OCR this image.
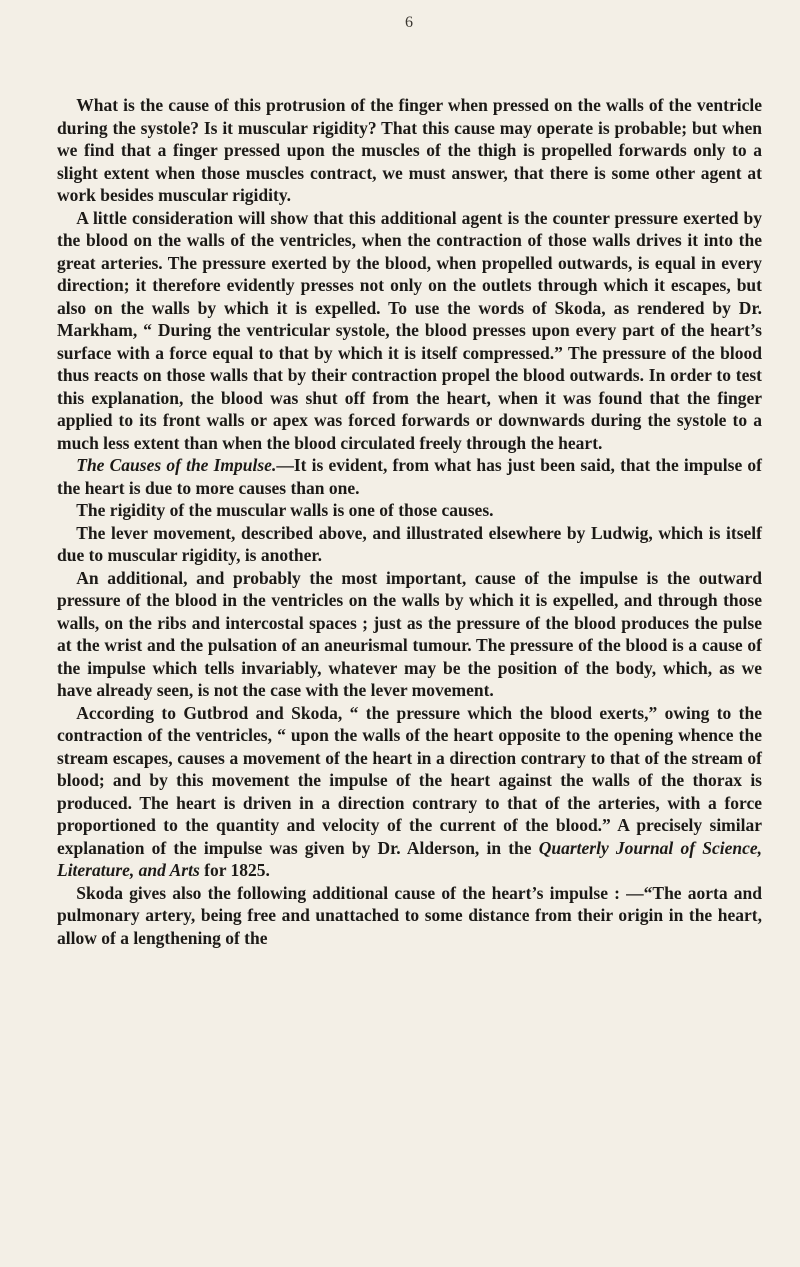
6

What is the cause of this protrusion of the finger when pressed on the walls of the ventricle during the systole? Is it muscular rigidity? That this cause may operate is probable; but when we find that a finger pressed upon the muscles of the thigh is propelled forwards only to a slight extent when those muscles contract, we must answer, that there is some other agent at work besides muscular rigidity.

A little consideration will show that this additional agent is the counter pressure exerted by the blood on the walls of the ventricles, when the contraction of those walls drives it into the great arteries. The pressure exerted by the blood, when propelled outwards, is equal in every direction; it therefore evidently presses not only on the outlets through which it escapes, but also on the walls by which it is expelled. To use the words of Skoda, as rendered by Dr. Markham, “ During the ventricular systole, the blood presses upon every part of the heart’s surface with a force equal to that by which it is itself compressed.” The pressure of the blood thus reacts on those walls that by their contraction propel the blood outwards. In order to test this explanation, the blood was shut off from the heart, when it was found that the finger applied to its front walls or apex was forced forwards or downwards during the systole to a much less extent than when the blood circulated freely through the heart.

The Causes of the Impulse.—It is evident, from what has just been said, that the impulse of the heart is due to more causes than one.

The rigidity of the muscular walls is one of those causes.

The lever movement, described above, and illustrated elsewhere by Ludwig, which is itself due to muscular rigidity, is another.

An additional, and probably the most important, cause of the impulse is the outward pressure of the blood in the ventricles on the walls by which it is expelled, and through those walls, on the ribs and intercostal spaces ; just as the pressure of the blood produces the pulse at the wrist and the pulsation of an aneurismal tumour. The pressure of the blood is a cause of the impulse which tells invariably, whatever may be the position of the body, which, as we have already seen, is not the case with the lever movement.

According to Gutbrod and Skoda, “ the pressure which the blood exerts,” owing to the contraction of the ventricles, “ upon the walls of the heart opposite to the opening whence the stream escapes, causes a movement of the heart in a direction contrary to that of the stream of blood; and by this movement the impulse of the heart against the walls of the thorax is produced. The heart is driven in a direction contrary to that of the arteries, with a force proportioned to the quantity and velocity of the current of the blood.” A precisely similar explanation of the impulse was given by Dr. Alderson, in the Quarterly Journal of Science, Literature, and Arts for 1825.

Skoda gives also the following additional cause of the heart’s impulse : —“The aorta and pulmonary artery, being free and unattached to some distance from their origin in the heart, allow of a lengthening of the
